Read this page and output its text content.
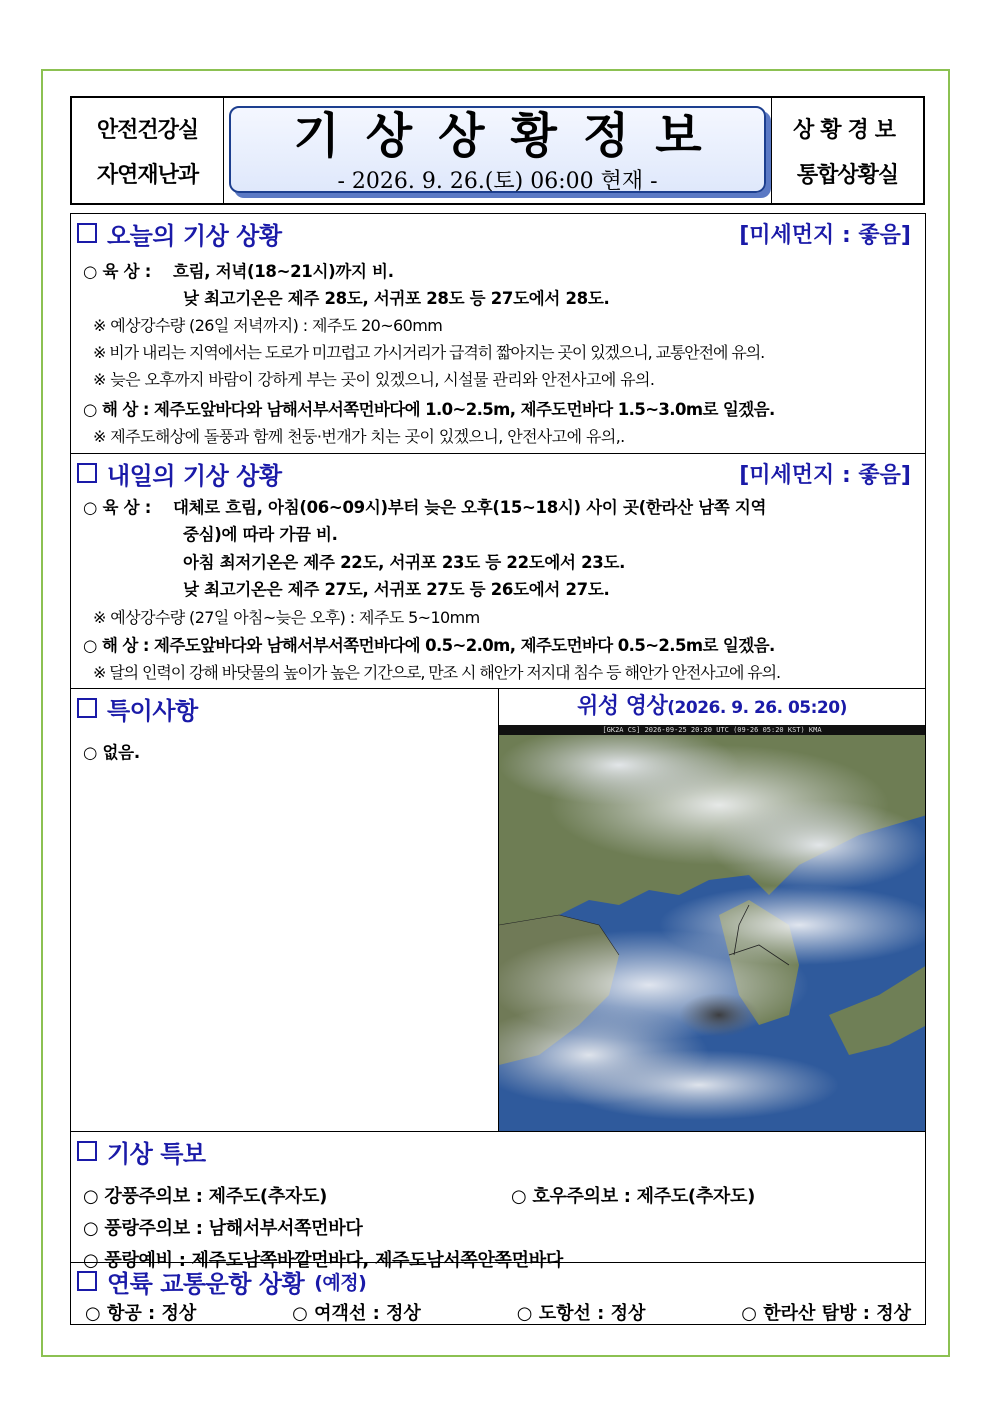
안전건강실
자연재난과
기상상황정보
- 2026. 9. 26.(토) 06:00 현재 -
상황경보
통합상황실
오늘의 기상 상황	[미세먼지 : 좋음]
○ 육 상 : 흐림, 저녁(18~21시)까지 비.
낮 최고기온은 제주 28도, 서귀포 28도 등 27도에서 28도.
※ 예상강수량 (26일 저녁까지) : 제주도 20~60mm
※ 비가 내리는 지역에서는 도로가 미끄럽고 가시거리가 급격히 짧아지는 곳이 있겠으니, 교통안전에 유의.
※ 늦은 오후까지 바람이 강하게 부는 곳이 있겠으니, 시설물 관리와 안전사고에 유의.
○ 해 상 : 제주도앞바다와 남해서부서쪽먼바다에 1.0~2.5m, 제주도먼바다 1.5~3.0m로 일겠음.
※ 제주도해상에 돌풍과 함께 천둥·번개가 치는 곳이 있겠으니, 안전사고에 유의,.
내일의 기상 상황	[미세먼지 : 좋음]
○ 육 상 : 대체로 흐림, 아침(06~09시)부터 늦은 오후(15~18시) 사이 곳(한라산 남쪽 지역
중심)에 따라 가끔 비.
아침 최저기온은 제주 22도, 서귀포 23도 등 22도에서 23도.
낮 최고기온은 제주 27도, 서귀포 27도 등 26도에서 27도.
※ 예상강수량 (27일 아침~늦은 오후) : 제주도 5~10mm
○ 해 상 : 제주도앞바다와 남해서부서쪽먼바다에 0.5~2.0m, 제주도먼바다 0.5~2.5m로 일겠음.
※ 달의 인력이 강해 바닷물의 높이가 높은 기간으로, 만조 시 해안가 저지대 침수 등 해안가 안전사고에 유의.
특이사항
○ 없음.
위성 영상(2026. 9. 26. 05:20)
[GK2A CS] 2026-09-25 20:20 UTC (09-26 05:20 KST) KMA
기상 특보
○ 강풍주의보 : 제주도(추자도)	○ 호우주의보 : 제주도(추자도)
○ 풍랑주의보 : 남해서부서쪽먼바다
○ 풍랑예비 : 제주도남쪽바깥먼바다, 제주도남서쪽안쪽먼바다
연륙 교통운항 상황 (예정)
○ 항공 : 정상	○ 여객선 : 정상	○ 도항선 : 정상	○ 한라산 탐방 : 정상
